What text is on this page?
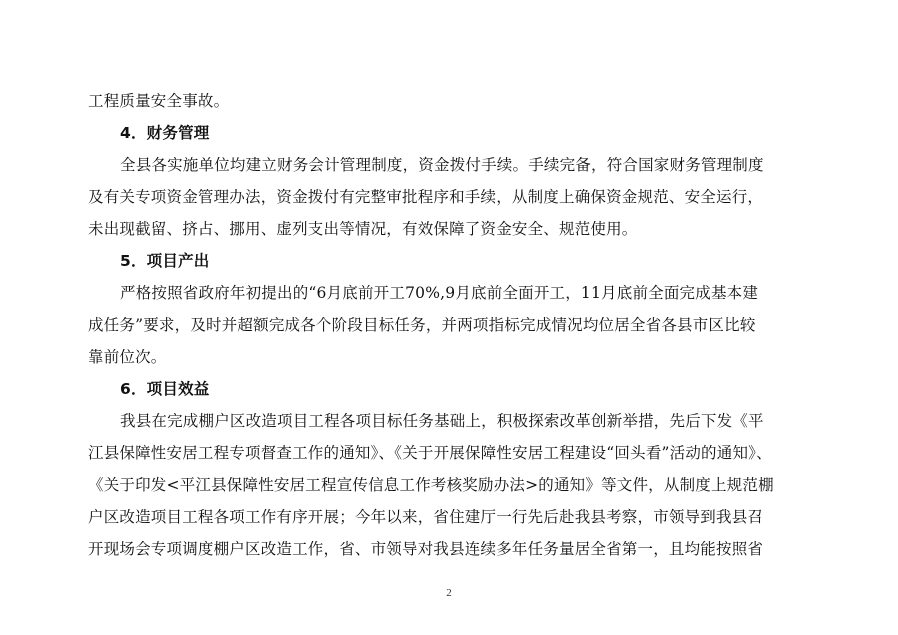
工程质量安全事故。
4．财务管理
全县各实施单位均建立财务会计管理制度，资金拨付手续。手续完备，符合国家财务管理制度
及有关专项资金管理办法，资金拨付有完整审批程序和手续，从制度上确保资金规范、安全运行，
未出现截留、挤占、挪用、虚列支出等情况，有效保障了资金安全、规范使用。
5．项目产出
严格按照省政府年初提出的“6月底前开工70%,9月底前全面开工，11月底前全面完成基本建
成任务”要求，及时并超额完成各个阶段目标任务，并两项指标完成情况均位居全省各县市区比较
靠前位次。
6．项目效益
我县在完成棚户区改造项目工程各项目标任务基础上，积极探索改革创新举措，先后下发《平
江县保障性安居工程专项督查工作的通知》、《关于开展保障性安居工程建设“回头看”活动的通知》、
《关于印发<平江县保障性安居工程宣传信息工作考核奖励办法>的通知》等文件，从制度上规范棚
户区改造项目工程各项工作有序开展；今年以来，省住建厅一行先后赴我县考察，市领导到我县召
开现场会专项调度棚户区改造工作，省、市领导对我县连续多年任务量居全省第一，且均能按照省
2
